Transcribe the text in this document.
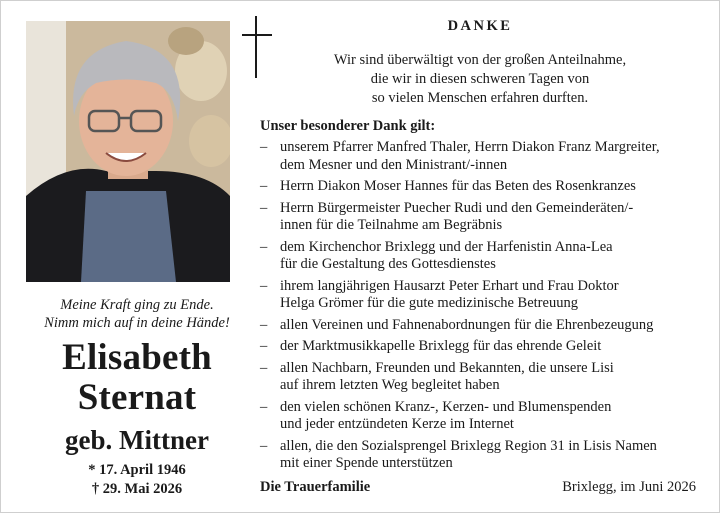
Meine Kraft ging zu Ende.
Nimm mich auf in deine Hände!
Elisabeth
Sternat
geb. Mittner
* 17. April 1946
† 29. Mai 2026
DANKE
Wir sind überwältigt von der großen Anteilnahme,
die wir in diesen schweren Tagen von
so vielen Menschen erfahren durften.
Unser besonderer Dank gilt:
– unserem Pfarrer Manfred Thaler, Herrn Diakon Franz Margreiter,
dem Mesner und den Ministrant/-innen
– Herrn Diakon Moser Hannes für das Beten des Rosenkranzes
– Herrn Bürgermeister Puecher Rudi und den Gemeinderäten/-
innen für die Teilnahme am Begräbnis
– dem Kirchenchor Brixlegg und der Harfenistin Anna-Lea
für die Gestaltung des Gottesdienstes
– ihrem langjährigen Hausarzt Peter Erhart und Frau Doktor
Helga Grömer für die gute medizinische Betreuung
– allen Vereinen und Fahnenabordnungen für die Ehrenbezeugung
– der Marktmusikkapelle Brixlegg für das ehrende Geleit
– allen Nachbarn, Freunden und Bekannten, die unsere Lisi
auf ihrem letzten Weg begleitet haben
– den vielen schönen Kranz-, Kerzen- und Blumenspenden
und jeder entzündeten Kerze im Internet
– allen, die den Sozialsprengel Brixlegg Region 31 in Lisis Namen
mit einer Spende unterstützen
Die Trauerfamilie	Brixlegg, im Juni 2026
